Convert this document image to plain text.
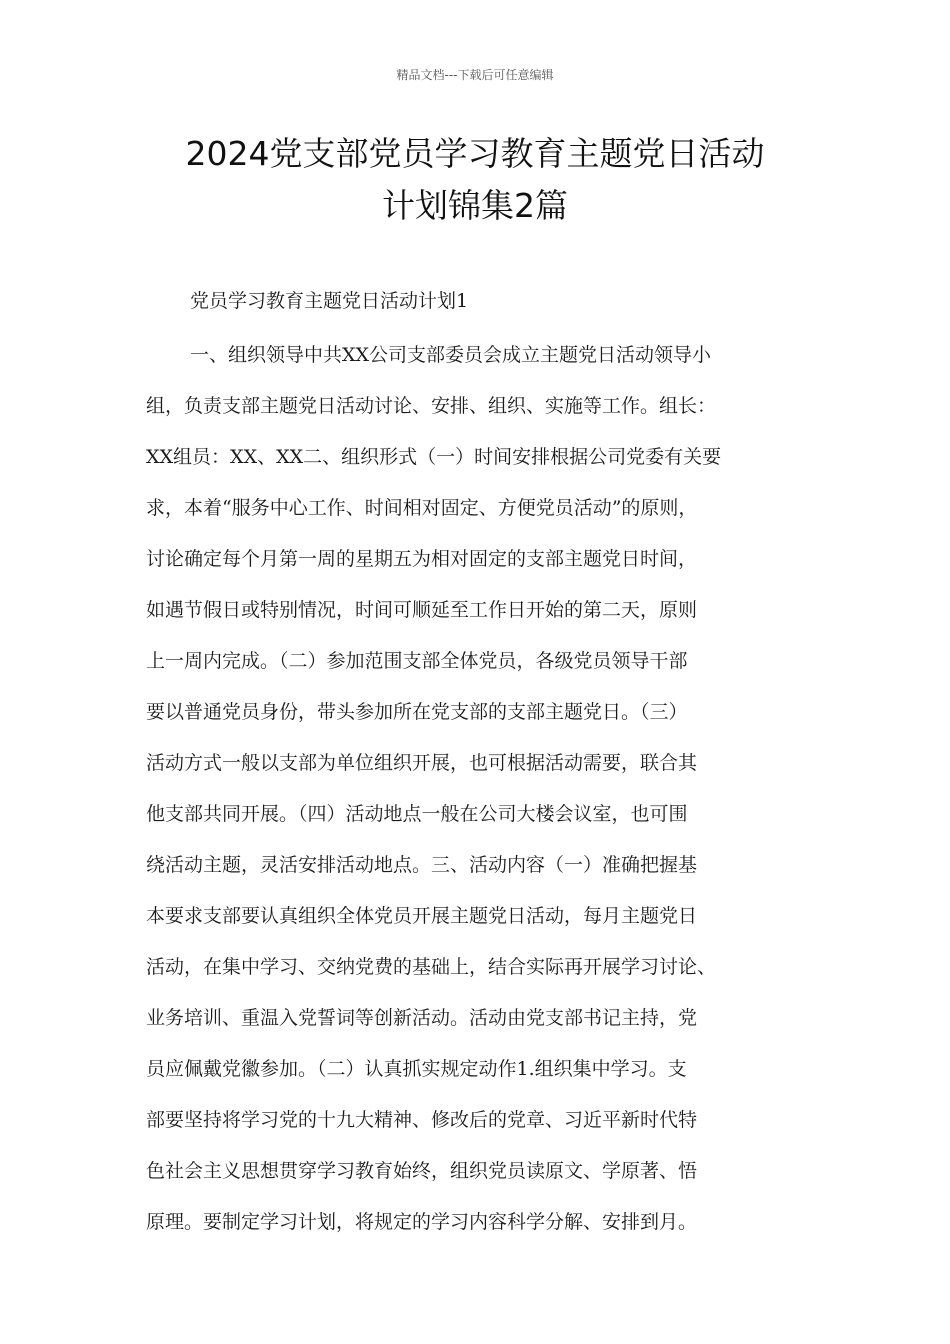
精品文档---下载后可任意编辑
2024党支部党员学习教育主题党日活动
计划锦集2篇
党员学习教育主题党日活动计划1
一、组织领导中共XX公司支部委员会成立主题党日活动领导小
组，负责支部主题党日活动讨论、安排、组织、实施等工作。组长：
XX组员：XX、XX二、组织形式（一）时间安排根据公司党委有关要
求，本着“服务中心工作、时间相对固定、方便党员活动”的原则，
讨论确定每个月第一周的星期五为相对固定的支部主题党日时间，
如遇节假日或特别情况，时间可顺延至工作日开始的第二天，原则
上一周内完成。（二）参加范围支部全体党员，各级党员领导干部
要以普通党员身份，带头参加所在党支部的支部主题党日。（三）
活动方式一般以支部为单位组织开展，也可根据活动需要，联合其
他支部共同开展。（四）活动地点一般在公司大楼会议室，也可围
绕活动主题，灵活安排活动地点。三、活动内容（一）准确把握基
本要求支部要认真组织全体党员开展主题党日活动，每月主题党日
活动，在集中学习、交纳党费的基础上，结合实际再开展学习讨论、
业务培训、重温入党誓词等创新活动。活动由党支部书记主持，党
员应佩戴党徽参加。（二）认真抓实规定动作1.组织集中学习。支
部要坚持将学习党的十九大精神、修改后的党章、习近平新时代特
色社会主义思想贯穿学习教育始终，组织党员读原文、学原著、悟
原理。要制定学习计划，将规定的学习内容科学分解、安排到月。
